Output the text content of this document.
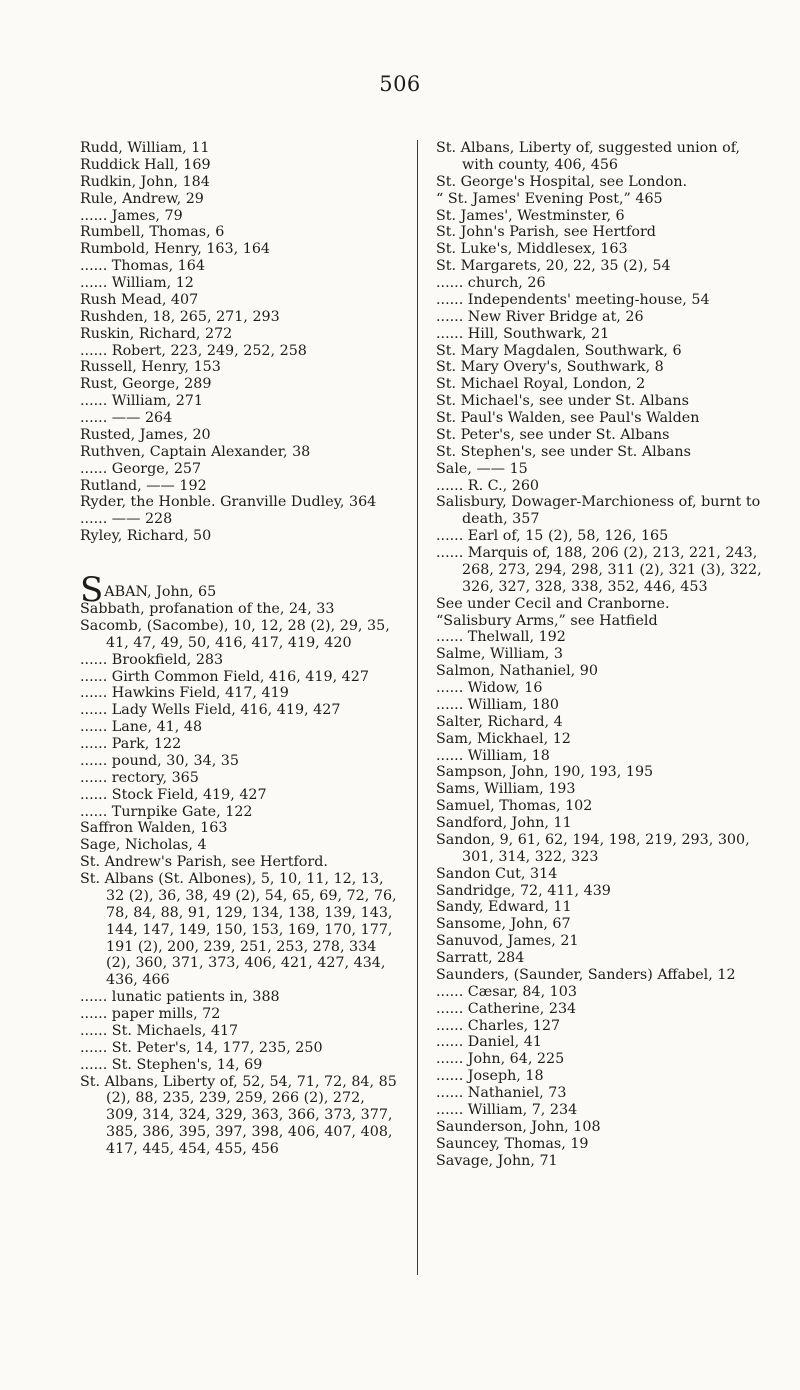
506
Rudd, William, 11
Ruddick Hall, 169
Rudkin, John, 184
Rule, Andrew, 29
...... James, 79
Rumbell, Thomas, 6
Rumbold, Henry, 163, 164
...... Thomas, 164
...... William, 12
Rush Mead, 407
Rushden, 18, 265, 271, 293
Ruskin, Richard, 272
...... Robert, 223, 249, 252, 258
Russell, Henry, 153
Rust, George, 289
...... William, 271
...... —— 264
Rusted, James, 20
Ruthven, Captain Alexander, 38
...... George, 257
Rutland, —— 192
Ryder, the Honble. Granville Dudley, 364
...... —— 228
Ryley, Richard, 50
SABAN, John, 65
Sabbath, profanation of the, 24, 33
Sacomb, (Sacombe), 10, 12, 28 (2), 29, 35, 41, 47, 49, 50, 416, 417, 419, 420
...... Brookfield, 283
...... Girth Common Field, 416, 419, 427
...... Hawkins Field, 417, 419
...... Lady Wells Field, 416, 419, 427
...... Lane, 41, 48
...... Park, 122
...... pound, 30, 34, 35
...... rectory, 365
...... Stock Field, 419, 427
...... Turnpike Gate, 122
Saffron Walden, 163
Sage, Nicholas, 4
St. Andrew's Parish, see Hertford.
St. Albans (St. Albones), 5, 10, 11, 12, 13, 32 (2), 36, 38, 49 (2), 54, 65, 69, 72, 76, 78, 84, 88, 91, 129, 134, 138, 139, 143, 144, 147, 149, 150, 153, 169, 170, 177, 191 (2), 200, 239, 251, 253, 278, 334 (2), 360, 371, 373, 406, 421, 427, 434, 436, 466
...... lunatic patients in, 388
...... paper mills, 72
...... St. Michaels, 417
...... St. Peter's, 14, 177, 235, 250
...... St. Stephen's, 14, 69
St. Albans, Liberty of, 52, 54, 71, 72, 84, 85 (2), 88, 235, 239, 259, 266 (2), 272, 309, 314, 324, 329, 363, 366, 373, 377, 385, 386, 395, 397, 398, 406, 407, 408, 417, 445, 454, 455, 456
St. Albans, Liberty of, suggested union of, with county, 406, 456
St. George's Hospital, see London.
“ St. James' Evening Post,” 465
St. James', Westminster, 6
St. John's Parish, see Hertford
St. Luke's, Middlesex, 163
St. Margarets, 20, 22, 35 (2), 54
...... church, 26
...... Independents' meeting-house, 54
...... New River Bridge at, 26
...... Hill, Southwark, 21
St. Mary Magdalen, Southwark, 6
St. Mary Overy's, Southwark, 8
St. Michael Royal, London, 2
St. Michael's, see under St. Albans
St. Paul's Walden, see Paul's Walden
St. Peter's, see under St. Albans
St. Stephen's, see under St. Albans
Sale, —— 15
...... R. C., 260
Salisbury, Dowager-Marchioness of, burnt to death, 357
...... Earl of, 15 (2), 58, 126, 165
...... Marquis of, 188, 206 (2), 213, 221, 243, 268, 273, 294, 298, 311 (2), 321 (3), 322, 326, 327, 328, 338, 352, 446, 453
See under Cecil and Cranborne.
“Salisbury Arms,” see Hatfield
...... Thelwall, 192
Salme, William, 3
Salmon, Nathaniel, 90
...... Widow, 16
...... William, 180
Salter, Richard, 4
Sam, Mickhael, 12
...... William, 18
Sampson, John, 190, 193, 195
Sams, William, 193
Samuel, Thomas, 102
Sandford, John, 11
Sandon, 9, 61, 62, 194, 198, 219, 293, 300, 301, 314, 322, 323
Sandon Cut, 314
Sandridge, 72, 411, 439
Sandy, Edward, 11
Sansome, John, 67
Sanuvod, James, 21
Sarratt, 284
Saunders, (Saunder, Sanders) Affabel, 12
...... Cæsar, 84, 103
...... Catherine, 234
...... Charles, 127
...... Daniel, 41
...... John, 64, 225
...... Joseph, 18
...... Nathaniel, 73
...... William, 7, 234
Saunderson, John, 108
Sauncey, Thomas, 19
Savage, John, 71
